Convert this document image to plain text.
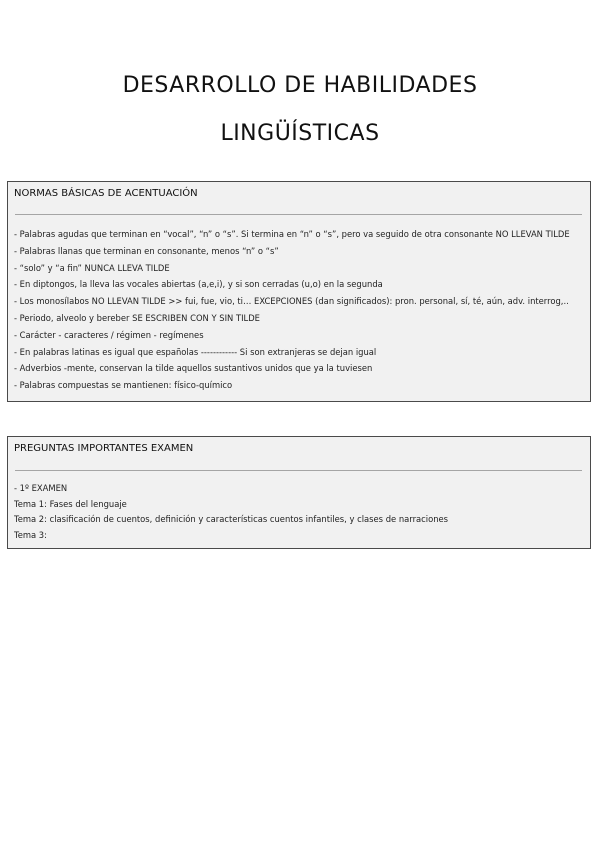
DESARROLLO DE HABILIDADES
LINGÜÍSTICAS
NORMAS BÁSICAS DE ACENTUACIÓN
- Palabras agudas que terminan en “vocal”, “n” o “s”. Si termina en “n” o “s”, pero va seguido de otra consonante NO LLEVAN TILDE
- Palabras llanas que terminan en consonante, menos “n” o “s”
- “solo” y “a fin” NUNCA LLEVA TILDE
- En diptongos, la lleva las vocales abiertas (a,e,i), y si son cerradas (u,o) en la segunda
- Los monosílabos NO LLEVAN TILDE >> fui, fue, vio, ti… EXCEPCIONES (dan significados): pron. personal, sí, té, aún, adv. interrog,..
- Periodo, alveolo y bereber SE ESCRIBEN CON Y SIN TILDE
- Carácter - caracteres / régimen - regímenes
- En palabras latinas es igual que españolas ------------ Si son extranjeras se dejan igual
- Adverbios -mente, conservan la tilde aquellos sustantivos unidos que ya la tuviesen
- Palabras compuestas se mantienen: físico-químico
PREGUNTAS IMPORTANTES EXAMEN
- 1º EXAMEN
Tema 1: Fases del lenguaje
Tema 2: clasificación de cuentos, definición y características cuentos infantiles, y clases de narraciones
Tema 3:
